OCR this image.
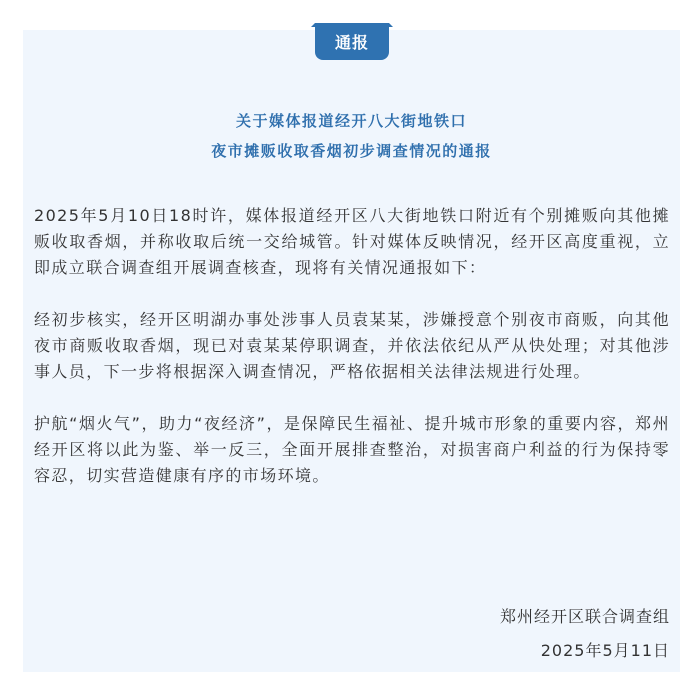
通报
关于媒体报道经开八大街地铁口
夜市摊贩收取香烟初步调查情况的通报

2025年5月10日18时许，媒体报道经开区八大街地铁口附近有个别摊贩向其他摊贩收取香烟，并称收取后统一交给城管。针对媒体反映情况，经开区高度重视，立即成立联合调查组开展调查核查，现将有关情况通报如下：

经初步核实，经开区明湖办事处涉事人员袁某某，涉嫌授意个别夜市商贩，向其他夜市商贩收取香烟，现已对袁某某停职调查，并依法依纪从严从快处理；对其他涉事人员，下一步将根据深入调查情况，严格依据相关法律法规进行处理。

护航“烟火气”，助力“夜经济”，是保障民生福祉、提升城市形象的重要内容，郑州经开区将以此为鉴、举一反三，全面开展排查整治，对损害商户利益的行为保持零容忍，切实营造健康有序的市场环境。

郑州经开区联合调查组
2025年5月11日
